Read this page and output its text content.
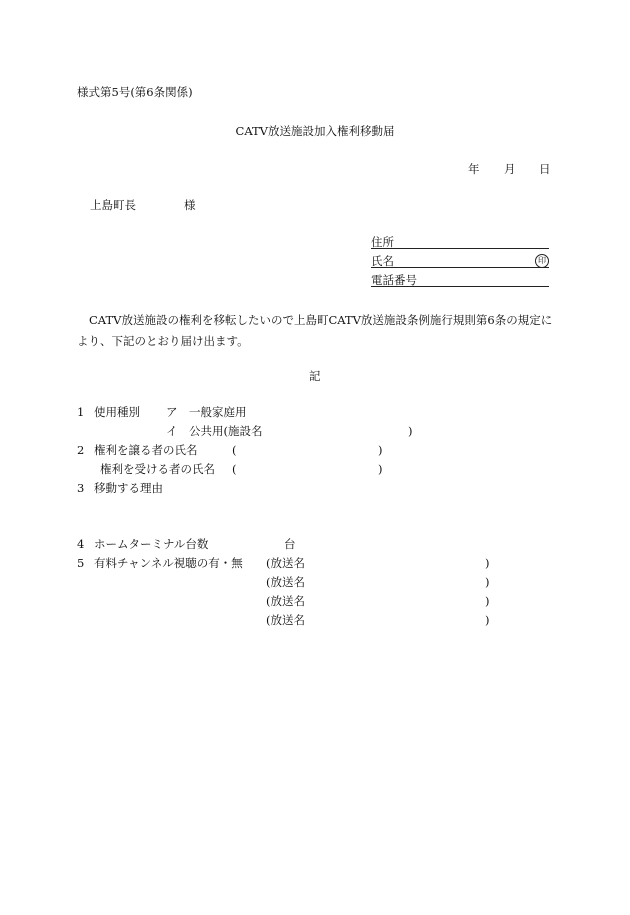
様式第5号(第6条関係)
CATV放送施設加入権利移動届
年 月 日
上島町長	様
住所
氏名	印
電話番号
CATV放送施設の権利を移転したいので上島町CATV放送施設条例施行規則第6条の規定に
より、下記のとおり届け出ます。
記
1 使用種別 ア 一般家庭用
イ 公共用(施設名	)
2 権利を譲る者の氏名	(	)
権利を受ける者の氏名 (	)
3 移動する理由
4 ホームターミナル台数	台
5 有料チャンネル視聴の有・無 (放送名	)
(放送名	)
(放送名	)
(放送名	)
